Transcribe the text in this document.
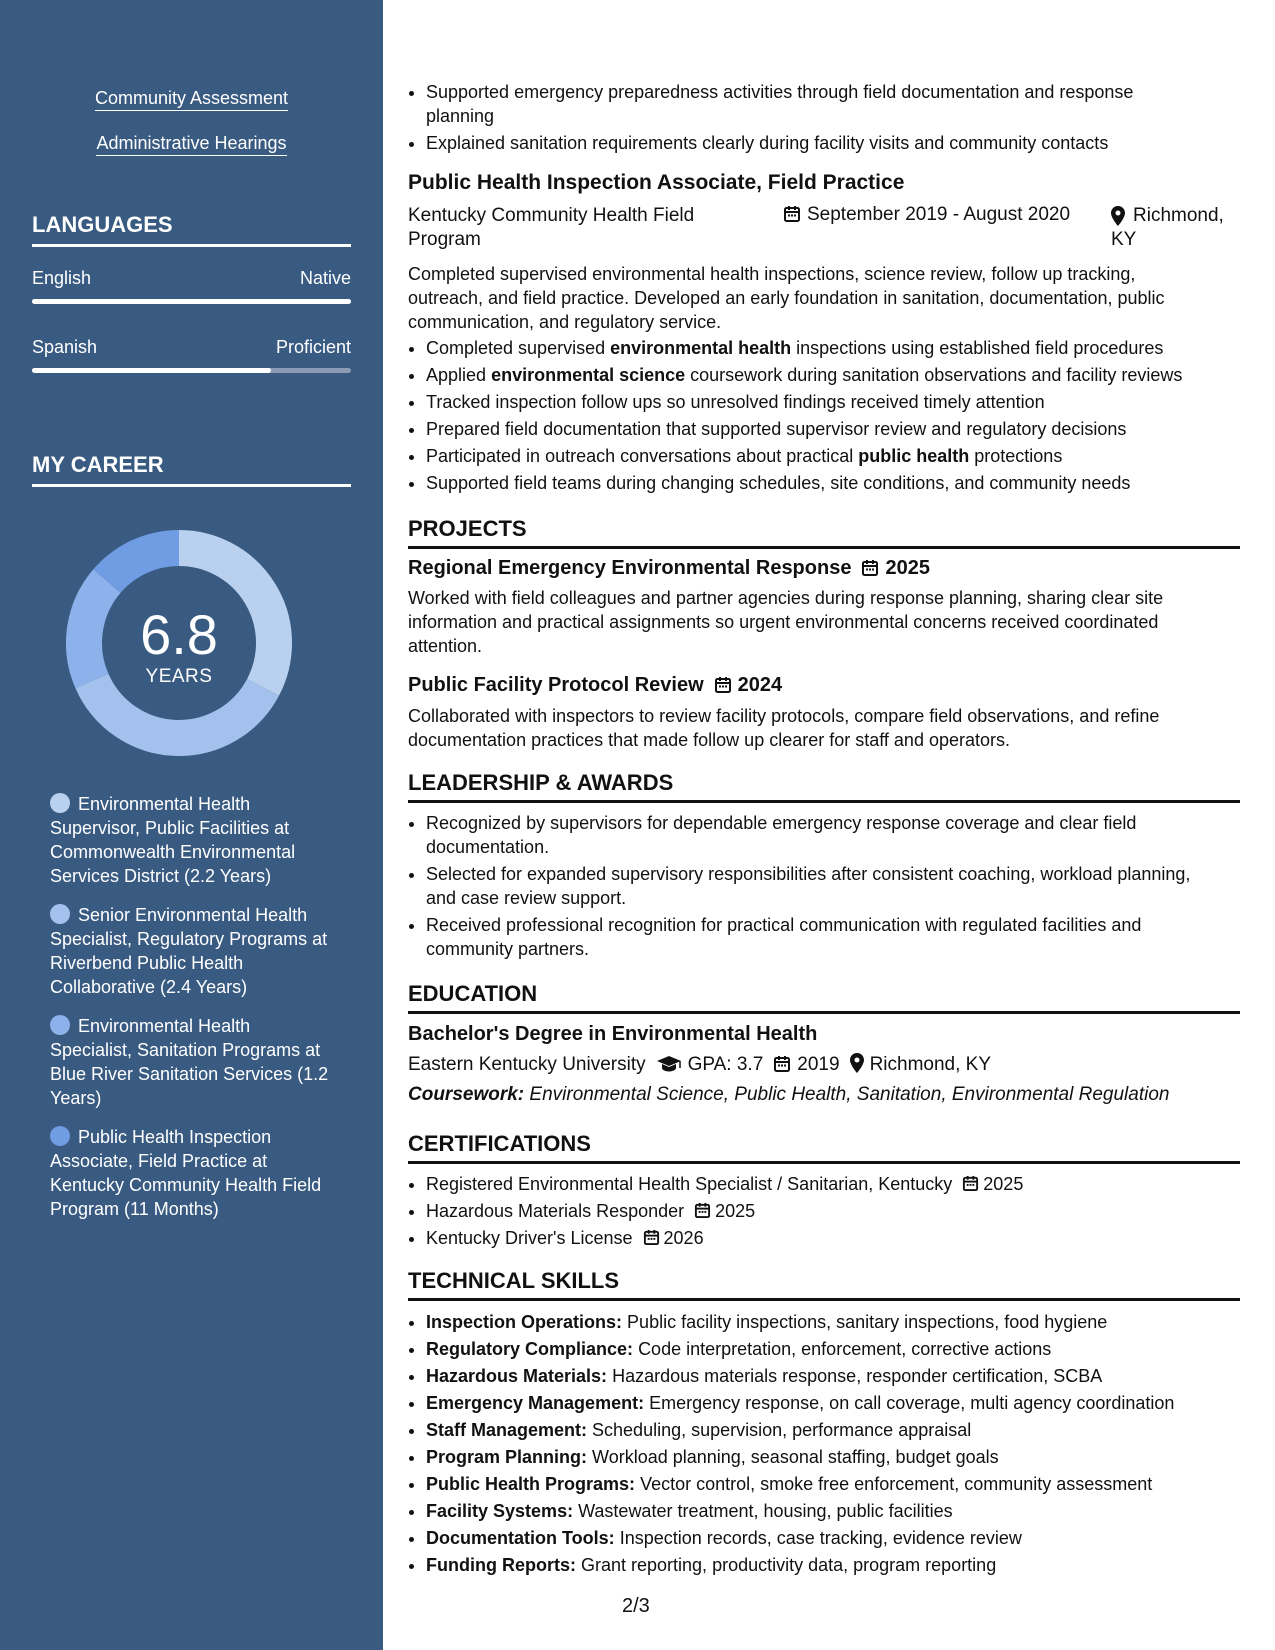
Community Assessment
Administrative Hearings
LANGUAGES
English	Native
Spanish	Proficient
MY CAREER
6.8
YEARS
Environmental Health Supervisor, Public Facilities at Commonwealth Environmental Services District (2.2 Years)
Senior Environmental Health Specialist, Regulatory Programs at Riverbend Public Health Collaborative (2.4 Years)
Environmental Health Specialist, Sanitation Programs at Blue River Sanitation Services (1.2 Years)
Public Health Inspection Associate, Field Practice at Kentucky Community Health Field Program (11 Months)
• Supported emergency preparedness activities through field documentation and response planning
• Explained sanitation requirements clearly during facility visits and community contacts
Public Health Inspection Associate, Field Practice
Kentucky Community Health Field Program
September 2019 - August 2020	Richmond, KY
Completed supervised environmental health inspections, science review, follow up tracking, outreach, and field practice. Developed an early foundation in sanitation, documentation, public communication, and regulatory service.
• Completed supervised environmental health inspections using established field procedures
• Applied environmental science coursework during sanitation observations and facility reviews
• Tracked inspection follow ups so unresolved findings received timely attention
• Prepared field documentation that supported supervisor review and regulatory decisions
• Participated in outreach conversations about practical public health protections
• Supported field teams during changing schedules, site conditions, and community needs
PROJECTS
Regional Emergency Environmental Response 2025
Worked with field colleagues and partner agencies during response planning, sharing clear site information and practical assignments so urgent environmental concerns received coordinated attention.
Public Facility Protocol Review 2024
Collaborated with inspectors to review facility protocols, compare field observations, and refine documentation practices that made follow up clearer for staff and operators.
LEADERSHIP & AWARDS
• Recognized by supervisors for dependable emergency response coverage and clear field documentation.
• Selected for expanded supervisory responsibilities after consistent coaching, workload planning, and case review support.
• Received professional recognition for practical communication with regulated facilities and community partners.
EDUCATION
Bachelor's Degree in Environmental Health
Eastern Kentucky University GPA: 3.7 2019 Richmond, KY
Coursework: Environmental Science, Public Health, Sanitation, Environmental Regulation
CERTIFICATIONS
• Registered Environmental Health Specialist / Sanitarian, Kentucky 2025
• Hazardous Materials Responder 2025
• Kentucky Driver's License 2026
TECHNICAL SKILLS
• Inspection Operations: Public facility inspections, sanitary inspections, food hygiene
• Regulatory Compliance: Code interpretation, enforcement, corrective actions
• Hazardous Materials: Hazardous materials response, responder certification, SCBA
• Emergency Management: Emergency response, on call coverage, multi agency coordination
• Staff Management: Scheduling, supervision, performance appraisal
• Program Planning: Workload planning, seasonal staffing, budget goals
• Public Health Programs: Vector control, smoke free enforcement, community assessment
• Facility Systems: Wastewater treatment, housing, public facilities
• Documentation Tools: Inspection records, case tracking, evidence review
• Funding Reports: Grant reporting, productivity data, program reporting
2/3
